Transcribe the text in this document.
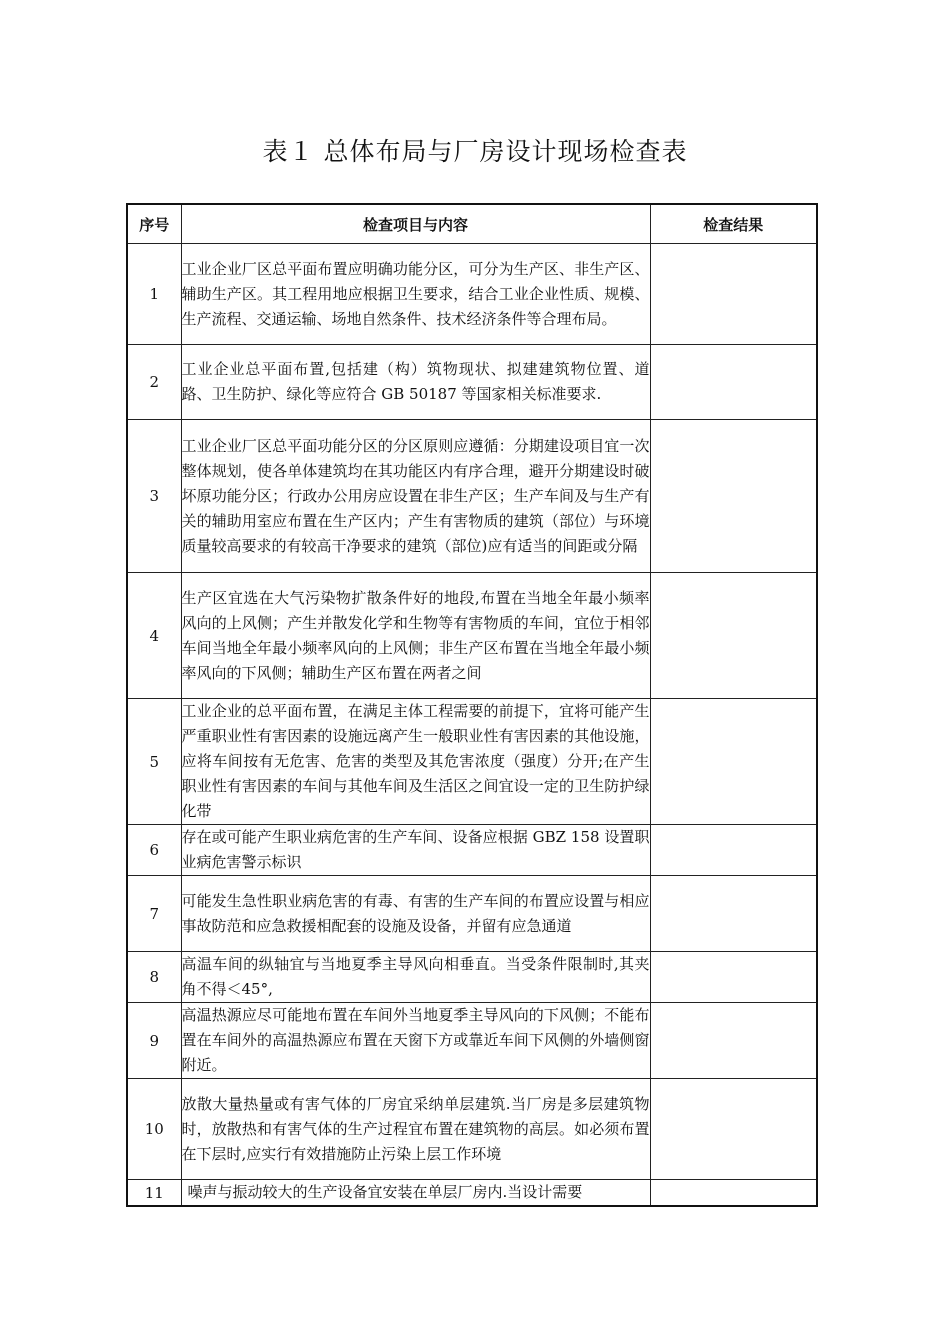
表１ 总体布局与厂房设计现场检查表
序号	检查项目与内容	检查结果
1	工业企业厂区总平面布置应明确功能分区，可分为生产区、非生产区、辅助生产区。其工程用地应根据卫生要求，结合工业企业性质、规模、生产流程、交通运输、场地自然条件、技术经济条件等合理布局。	
2	工业企业总平面布置,包括建（构）筑物现状、拟建建筑物位置、道路、卫生防护、绿化等应符合 GB 50187 等国家相关标准要求.	
3	工业企业厂区总平面功能分区的分区原则应遵循：分期建设项目宜一次整体规划，使各单体建筑均在其功能区内有序合理，避开分期建设时破坏原功能分区；行政办公用房应设置在非生产区；生产车间及与生产有关的辅助用室应布置在生产区内；产生有害物质的建筑（部位）与环境质量较高要求的有较高干净要求的建筑（部位)应有适当的间距或分隔	
4	生产区宜选在大气污染物扩散条件好的地段,布置在当地全年最小频率风向的上风侧；产生并散发化学和生物等有害物质的车间，宜位于相邻车间当地全年最小频率风向的上风侧；非生产区布置在当地全年最小频率风向的下风侧；辅助生产区布置在两者之间	
5	工业企业的总平面布置，在满足主体工程需要的前提下，宜将可能产生严重职业性有害因素的设施远离产生一般职业性有害因素的其他设施，应将车间按有无危害、危害的类型及其危害浓度（强度）分开;在产生职业性有害因素的车间与其他车间及生活区之间宜设一定的卫生防护绿化带	
6	存在或可能产生职业病危害的生产车间、设备应根据 GBZ 158 设置职业病危害警示标识	
7	可能发生急性职业病危害的有毒、有害的生产车间的布置应设置与相应事故防范和应急救援相配套的设施及设备，并留有应急通道	
8	高温车间的纵轴宜与当地夏季主导风向相垂直。当受条件限制时,其夹角不得＜45°,	
9	高温热源应尽可能地布置在车间外当地夏季主导风向的下风侧；不能布置在车间外的高温热源应布置在天窗下方或靠近车间下风侧的外墙侧窗附近。	
10	放散大量热量或有害气体的厂房宜采纳单层建筑.当厂房是多层建筑物时，放散热和有害气体的生产过程宜布置在建筑物的高层。如必须布置在下层时,应实行有效措施防止污染上层工作环境	
11	噪声与振动较大的生产设备宜安装在单层厂房内.当设计需要	
